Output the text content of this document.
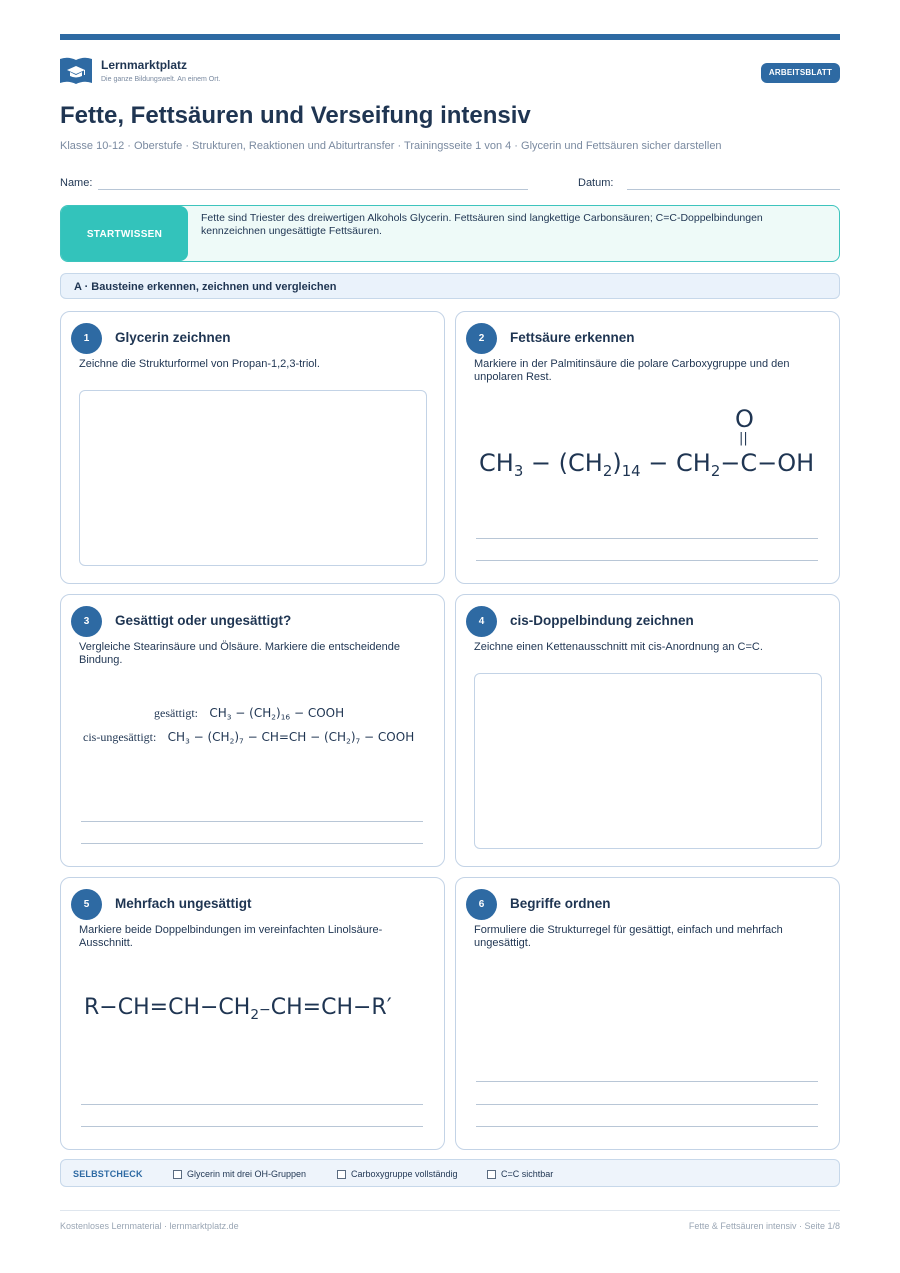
Lernmarktplatz
Die ganze Bildungswelt. An einem Ort.
ARBEITSBLATT
Fette, Fettsäuren und Verseifung intensiv
Klasse 10-12 · Oberstufe · Strukturen, Reaktionen und Abiturtransfer · Trainingsseite 1 von 4 · Glycerin und Fettsäuren sicher darstellen
Name:	Datum:
STARTWISSEN
Fette sind Triester des dreiwertigen Alkohols Glycerin. Fettsäuren sind langkettige Carbonsäuren; C=C-Doppelbindungen kennzeichnen ungesättigte Fettsäuren.
A · Bausteine erkennen, zeichnen und vergleichen
1	Glycerin zeichnen
Zeichne die Strukturformel von Propan-1,2,3-triol.
2	Fettsäure erkennen
Markiere in der Palmitinsäure die polare Carboxygruppe und den unpolaren Rest.
O
||
$CH_3 - (CH_2)_{14} - CH_2-C-OH$
3	Gesättigt oder ungesättigt?
Vergleiche Stearinsäure und Ölsäure. Markiere die entscheidende Bindung.
gesättigt: $CH_3 - (CH_2)_{16}$ − COOH
cis-ungesättigt: $CH_3 - (CH_2)_7 - CH=CH - (CH_2)_7$ − COOH
4	cis-Doppelbindung zeichnen
Zeichne einen Kettenausschnitt mit cis-Anordnung an C=C.
5	Mehrfach ungesättigt
Markiere beide Doppelbindungen im vereinfachten Linolsäure-Ausschnitt.
$R-CH=CH-CH_2-CH=CH-R'$
6	Begriffe ordnen
Formuliere die Strukturregel für gesättigt, einfach und mehrfach ungesättigt.
SELBSTCHECK	Glycerin mit drei OH-Gruppen	Carboxygruppe vollständig	C=C sichtbar
Kostenloses Lernmaterial · lernmarktplatz.de	Fette & Fettsäuren intensiv · Seite 1/8
